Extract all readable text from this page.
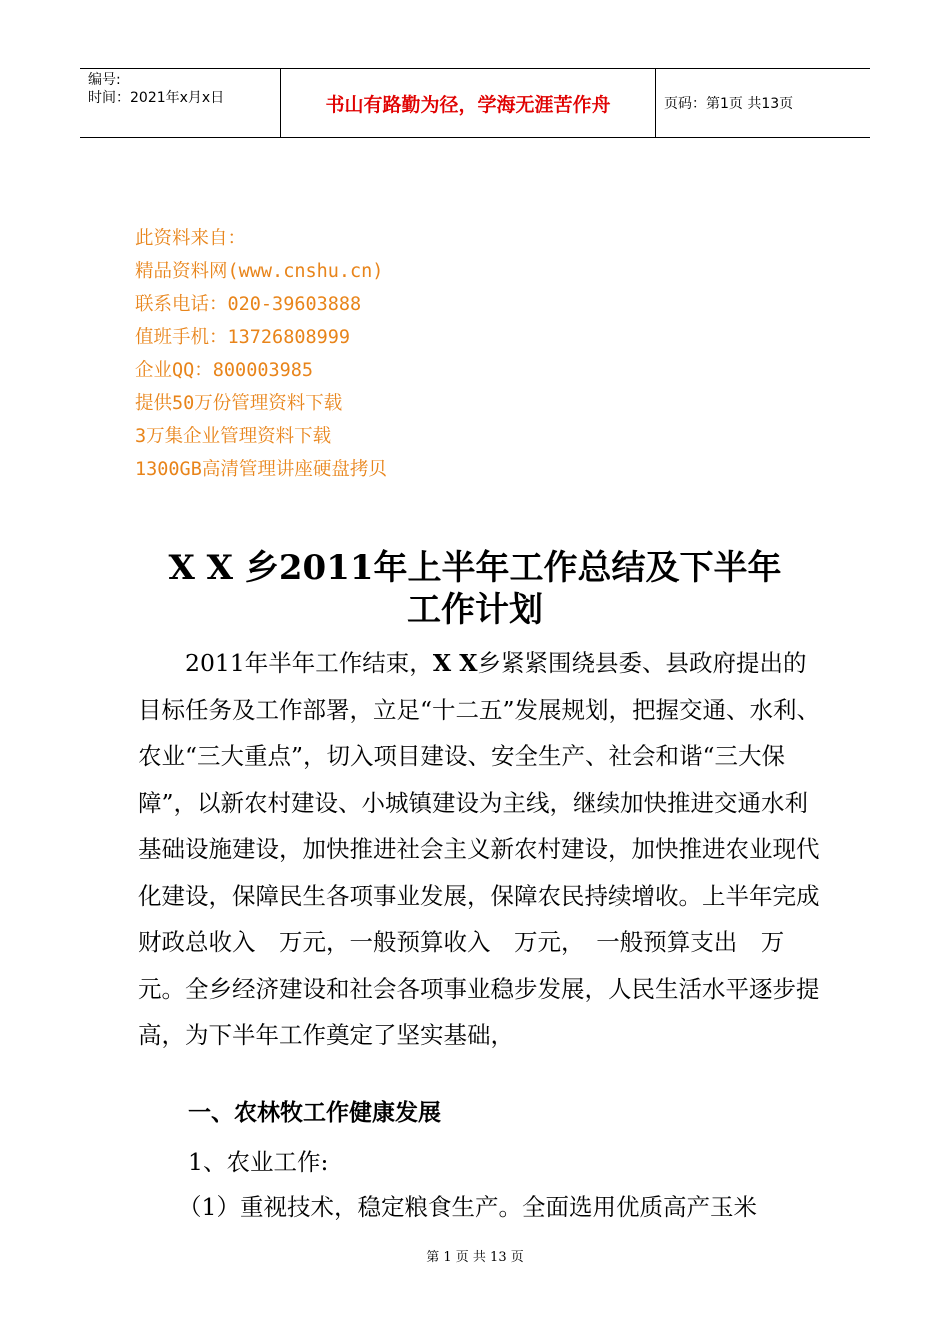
编号:
时间：2021年x月x日	书山有路勤为径，学海无涯苦作舟	页码：第1页 共13页
此资料来自：
精品资料网(www.cnshu.cn)
联系电话：020-39603888
值班手机：13726808999
企业QQ：800003985
提供50万份管理资料下载
3万集企业管理资料下载
1300GB高清管理讲座硬盘拷贝
X X 乡2011年上半年工作总结及下半年
工作计划

2011年半年工作结束，X X乡紧紧围绕县委、县政府提出的目标任务及工作部署，立足“十二五”发展规划，把握交通、水利、农业“三大重点”，切入项目建设、安全生产、社会和谐“三大保障”，以新农村建设、小城镇建设为主线，继续加快推进交通水利基础设施建设，加快推进社会主义新农村建设，加快推进农业现代化建设，保障民生各项事业发展，保障农民持续增收。上半年完成财政总收入　万元，一般预算收入　万元，　一般预算支出　万元。全乡经济建设和社会各项事业稳步发展，人民生活水平逐步提高，为下半年工作奠定了坚实基础，

一、农林牧工作健康发展
1、农业工作:
（1）重视技术，稳定粮食生产。全面选用优质高产玉米
第 1 页 共 13 页
